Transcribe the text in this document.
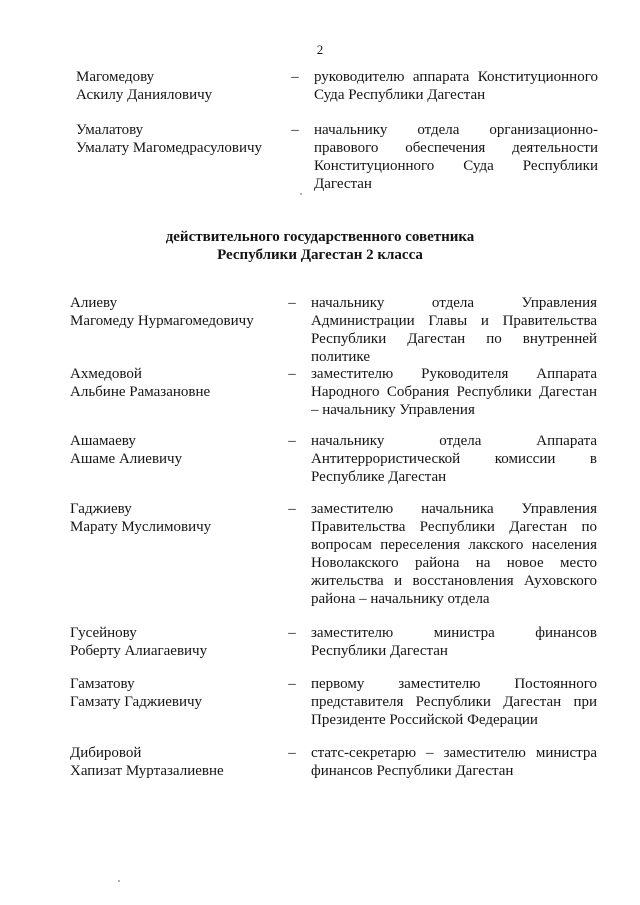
2
Магомедову
Аскилу Данияловичу
– руководителю аппарата Конституционного Суда Республики Дагестан
Умалатову
Умалату Магомедрасуловичу
– начальнику отдела организационно-правового обеспечения деятельности Конституционного Суда Республики Дагестан
действительного государственного советника
Республики Дагестан 2 класса
Алиеву
Магомеду Нурмагомедовичу
– начальнику отдела Управления Администрации Главы и Правительства Республики Дагестан по внутренней политике
Ахмедовой
Альбине Рамазановне
– заместителю Руководителя Аппарата Народного Собрания Республики Дагестан – начальнику Управления
Ашамаеву
Ашаме Алиевичу
– начальнику отдела Аппарата Антитеррористической комиссии в Республике Дагестан
Гаджиеву
Марату Муслимовичу
– заместителю начальника Управления Правительства Республики Дагестан по вопросам переселения лакского населения Новолакского района на новое место жительства и восстановления Ауховского района – начальнику отдела
Гусейнову
Роберту Алиагаевичу
– заместителю министра финансов Республики Дагестан
Гамзатову
Гамзату Гаджиевичу
– первому заместителю Постоянного представителя Республики Дагестан при Президенте Российской Федерации
Дибировой
Хапизат Муртазалиевне
– статс-секретарю – заместителю министра финансов Республики Дагестан
